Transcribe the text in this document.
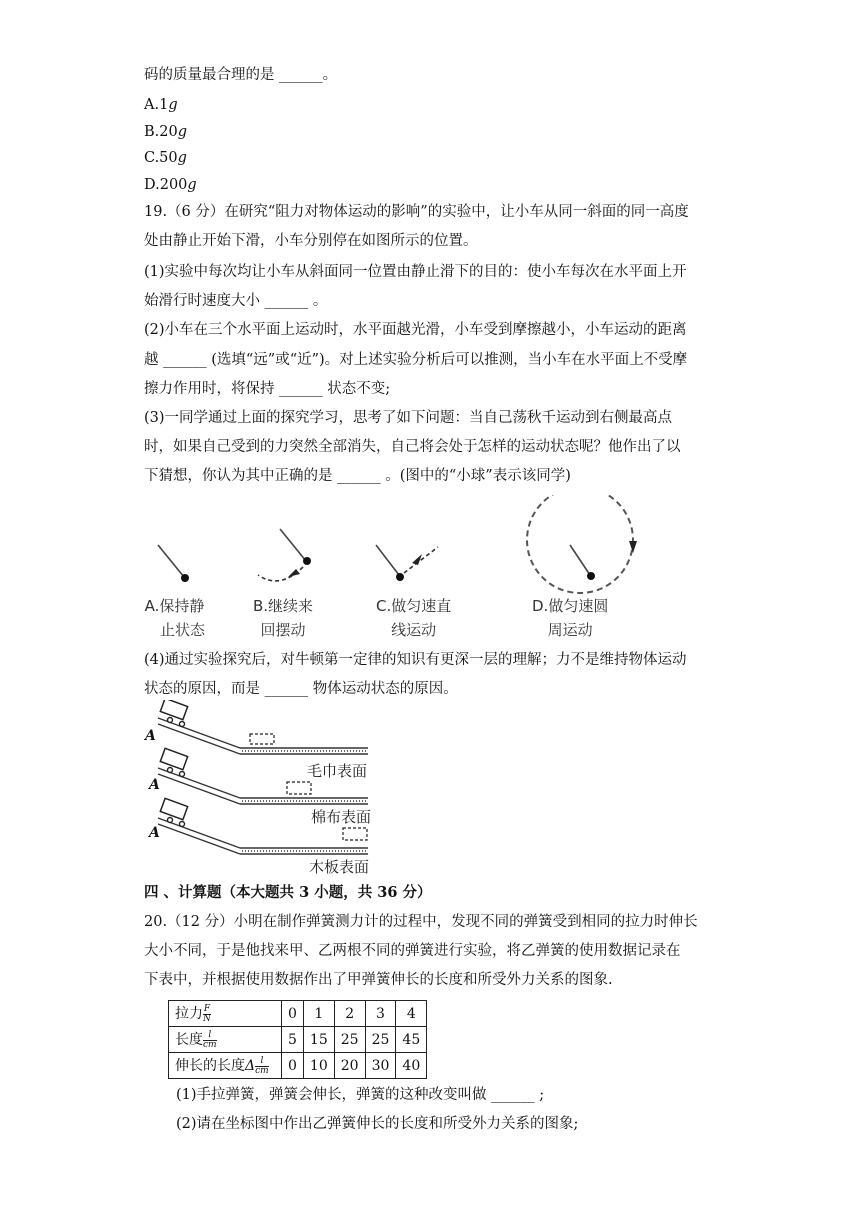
码的质量最合理的是 ______。
A.1g
B.20g
C.50g
D.200g
19.（6 分）在研究“阻力对物体运动的影响”的实验中，让小车从同一斜面的同一高度
处由静止开始下滑，小车分别停在如图所示的位置。
(1)实验中每次均让小车从斜面同一位置由静止滑下的目的：使小车每次在水平面上开
始滑行时速度大小 ______ 。
(2)小车在三个水平面上运动时，水平面越光滑，小车受到摩擦越小，小车运动的距离
越 ______ (选填“远”或“近”)。对上述实验分析后可以推测，当小车在水平面上不受摩
擦力作用时，将保持 ______ 状态不变;
(3)一同学通过上面的探究学习，思考了如下问题：当自己荡秋千运动到右侧最高点
时，如果自己受到的力突然全部消失，自己将会处于怎样的运动状态呢？他作出了以
下猜想，你认为其中正确的是 ______ 。(图中的“小球”表示该同学)
A.保持静
止状态
B.继续来
回摆动
C.做匀速直
线运动
D.做匀速圆
周运动
(4)通过实验探究后，对牛顿第一定律的知识有更深一层的理解；力不是维持物体运动
状态的原因，而是 ______ 物体运动状态的原因。
A
A
A
毛巾表面
棉布表面
木板表面
四 、计算题（本大题共 3 小题，共 36 分）
20.（12 分）小明在制作弹簧测力计的过程中，发现不同的弹簧受到相同的拉力时伸长
大小不同，于是他找来甲、乙两根不同的弹簧进行实验，将乙弹簧的使用数据记录在
下表中，并根据使用数据作出了甲弹簧伸长的长度和所受外力关系的图象.
拉力 $\frac{F}{N}$	0	1	2	3	4
长度 $\frac{l}{cm}$	5	15	25	25	45
伸长的长度Δ $\frac{l}{cm}$	0	10	20	30	40
(1)手拉弹簧，弹簧会伸长，弹簧的这种改变叫做 ______ ;
(2)请在坐标图中作出乙弹簧伸长的长度和所受外力关系的图象;
